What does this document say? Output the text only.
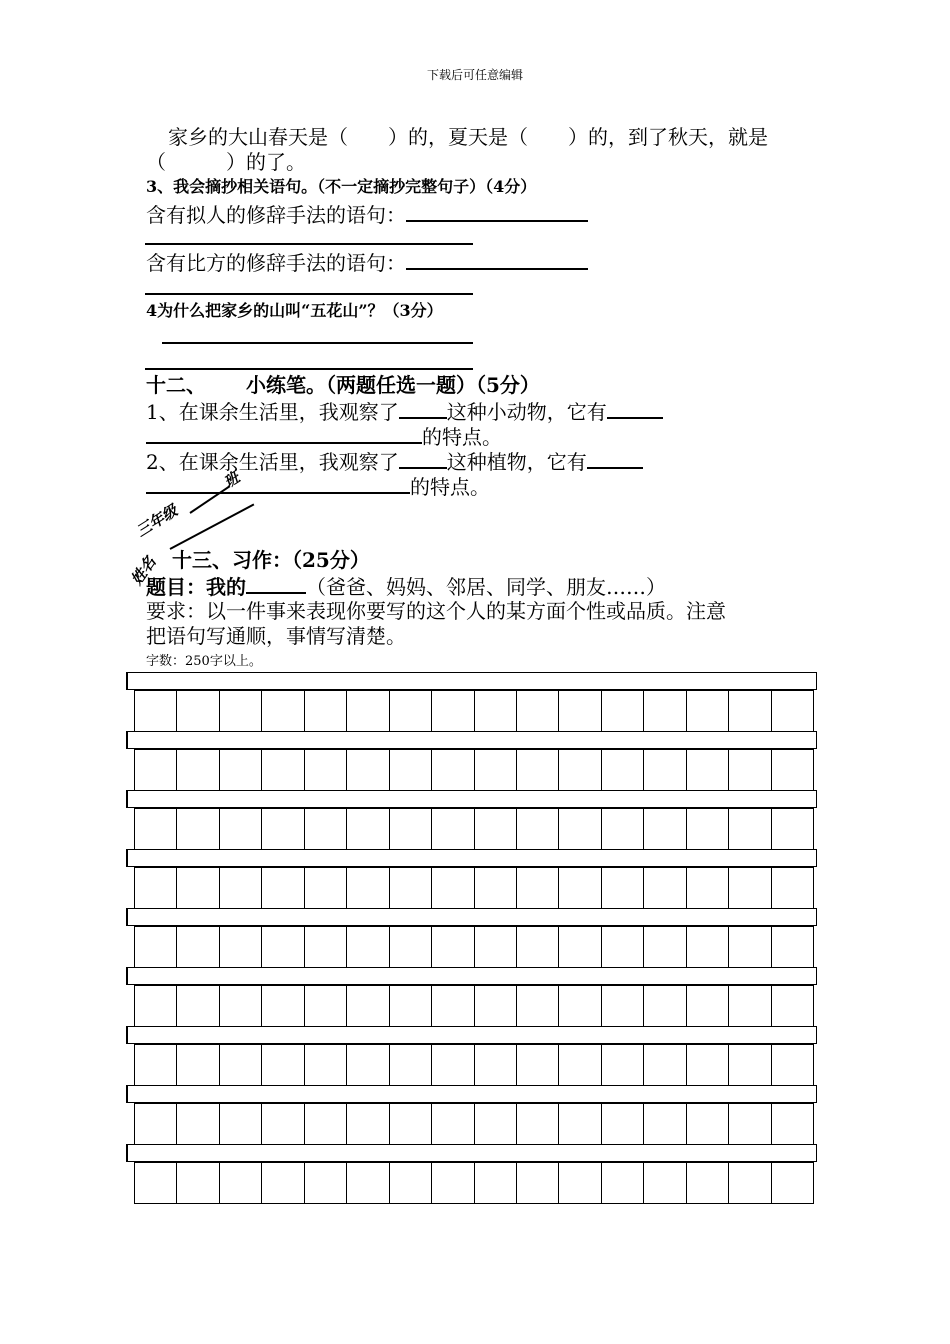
下载后可任意编辑
家乡的大山春天是（　　）的，夏天是（　　）的，到了秋天，就是
（　　　）的了。
3、我会摘抄相关语句。（不一定摘抄完整句子）（4分）
含有拟人的修辞手法的语句：
含有比方的修辞手法的语句：
4为什么把家乡的山叫“五花山”？（3分）
十二、 小练笔。（两题任选一题）（5分）
1、在课余生活里，我观察了 这种小动物，它有
的特点。
2、在课余生活里，我观察了 这种植物，它有
的特点。
三年级
班
姓名 十三、习作：（25分）
题目：我的	（爸爸、妈妈、邻居、同学、朋友……）
要求：以一件事来表现你要写的这个人的某方面个性或品质。注意
把语句写通顺，事情写清楚。
字数：250字以上。
